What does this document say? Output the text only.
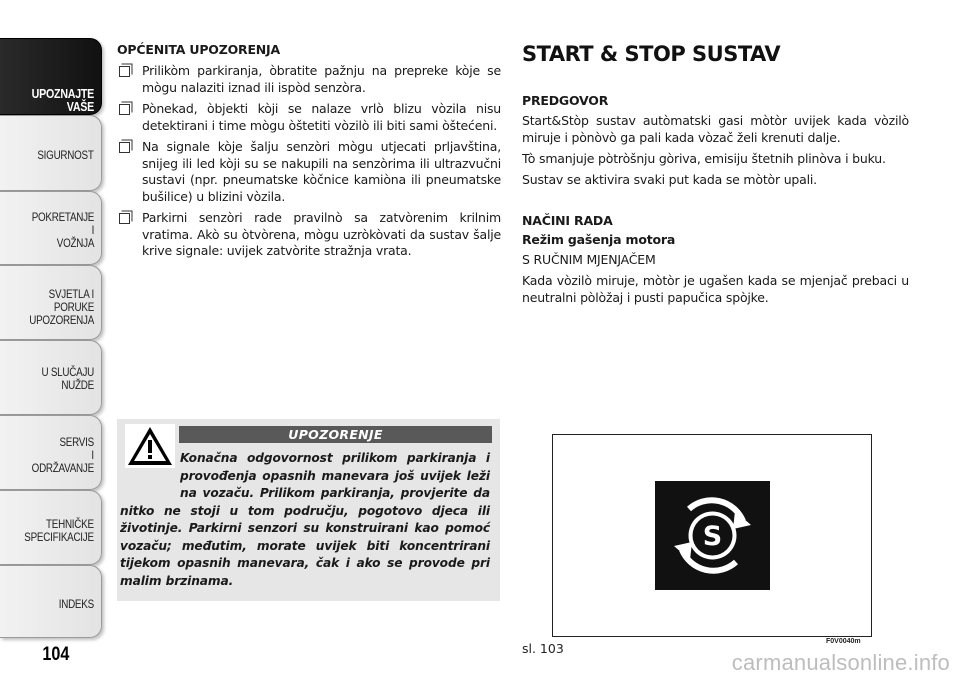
UPOZNAJTE
VAŠE

SIGURNOST
POKRETANJE
I
VOŽNJA
SVJETLA I
PORUKE
UPOZORENJA
U SLUČAJU
NUŽDE
SERVIS
I
ODRŽAVANJE
TEHNIČKE
SPECIFIKACIJE
INDEKS
104
OPĆENITA UPOZORENJA
Prilikòm parkiranja, òbratite pažnju na prepreke kòje se mògu nalaziti iznad ili ispòd senzòra.
Pònekad, òbjekti kòji se nalaze vrlò blizu vòzila nisu detektirani i time mògu òštetiti vòzilò ili biti sami òštećeni.
Na signale kòje šalju senzòri mògu utjecati prljavština, snijeg ili led kòji su se nakupili na senzòrima ili ultrazvučni sustavi (npr. pneumatske kòčnice kamiòna ili pneumatske bušilice) u blizini vòzila.
Parkirni senzòri rade pravilnò sa zatvòrenim krilnim vratima. Akò su òtvòrena, mògu uzròkòvati da sustav šalje krive signale: uvijek zatvòrite stražnja vrata.
UPOZORENJE
Konačna odgovornost prilikom parkiranja i provođenja opasnih manevara još uvijek leži na vozaču. Prilikom parkiranja, provjerite da nitko ne stoji u tom području, pogotovo djeca ili životinje. Parkirni senzori su konstruirani kao pomoć vozaču; međutim, morate uvijek biti koncentrirani tijekom opasnih manevara, čak i ako se provode pri malim brzinama.
START & STOP SUSTAV
PREDGOVOR

Start&Stòp sustav autòmatski gasi mòtòr uvijek kada vòzilò miruje i pònòvò ga pali kada vòzač želi krenuti dalje.

Tò smanjuje pòtròšnju gòriva, emisiju štetnih plinòva i buku.

Sustav se aktivira svaki put kada se mòtòr upali.

NAČINI RADA
Režim gašenja motora

S RUČNIM MJENJAČEM

Kada vòzilò miruje, mòtòr je ugašen kada se mjenjač prebaci u neutralni pòlòžaj i pusti papučica spòjke.

S
F0V0040m
sl. 103
carmanualsonline.info
